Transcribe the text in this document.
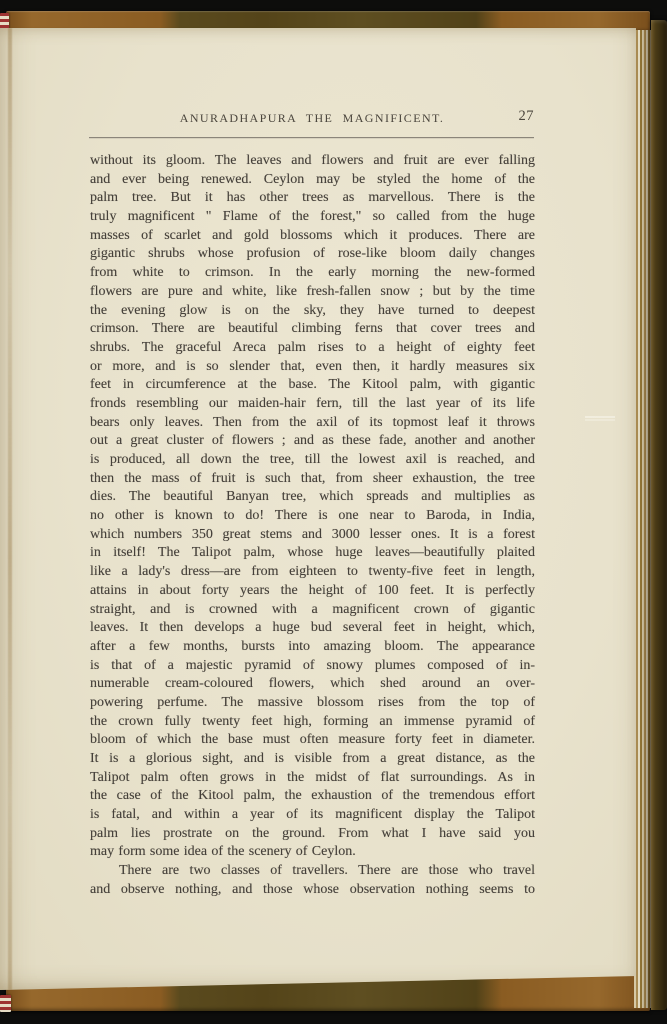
ANURADHAPURA THE MAGNIFICENT.	27
without its gloom. The leaves and flowers and fruit are ever falling
and ever being renewed. Ceylon may be styled the home of the
palm tree. But it has other trees as marvellous. There is the
truly magnificent " Flame of the forest," so called from the huge
masses of scarlet and gold blossoms which it produces. There are
gigantic shrubs whose profusion of rose-like bloom daily changes
from white to crimson. In the early morning the new-formed
flowers are pure and white, like fresh-fallen snow ; but by the time
the evening glow is on the sky, they have turned to deepest
crimson. There are beautiful climbing ferns that cover trees and
shrubs. The graceful Areca palm rises to a height of eighty feet
or more, and is so slender that, even then, it hardly measures six
feet in circumference at the base. The Kitool palm, with gigantic
fronds resembling our maiden-hair fern, till the last year of its life
bears only leaves. Then from the axil of its topmost leaf it throws
out a great cluster of flowers ; and as these fade, another and another
is produced, all down the tree, till the lowest axil is reached, and
then the mass of fruit is such that, from sheer exhaustion, the tree
dies. The beautiful Banyan tree, which spreads and multiplies as
no other is known to do! There is one near to Baroda, in India,
which numbers 350 great stems and 3000 lesser ones. It is a forest
in itself! The Talipot palm, whose huge leaves—beautifully plaited
like a lady's dress—are from eighteen to twenty-five feet in length,
attains in about forty years the height of 100 feet. It is perfectly
straight, and is crowned with a magnificent crown of gigantic
leaves. It then develops a huge bud several feet in height, which,
after a few months, bursts into amazing bloom. The appearance
is that of a majestic pyramid of snowy plumes composed of in-
numerable cream-coloured flowers, which shed around an over-
powering perfume. The massive blossom rises from the top of
the crown fully twenty feet high, forming an immense pyramid of
bloom of which the base must often measure forty feet in diameter.
It is a glorious sight, and is visible from a great distance, as the
Talipot palm often grows in the midst of flat surroundings. As in
the case of the Kitool palm, the exhaustion of the tremendous effort
is fatal, and within a year of its magnificent display the Talipot
palm lies prostrate on the ground. From what I have said you
may form some idea of the scenery of Ceylon.
There are two classes of travellers. There are those who travel
and observe nothing, and those whose observation nothing seems to
